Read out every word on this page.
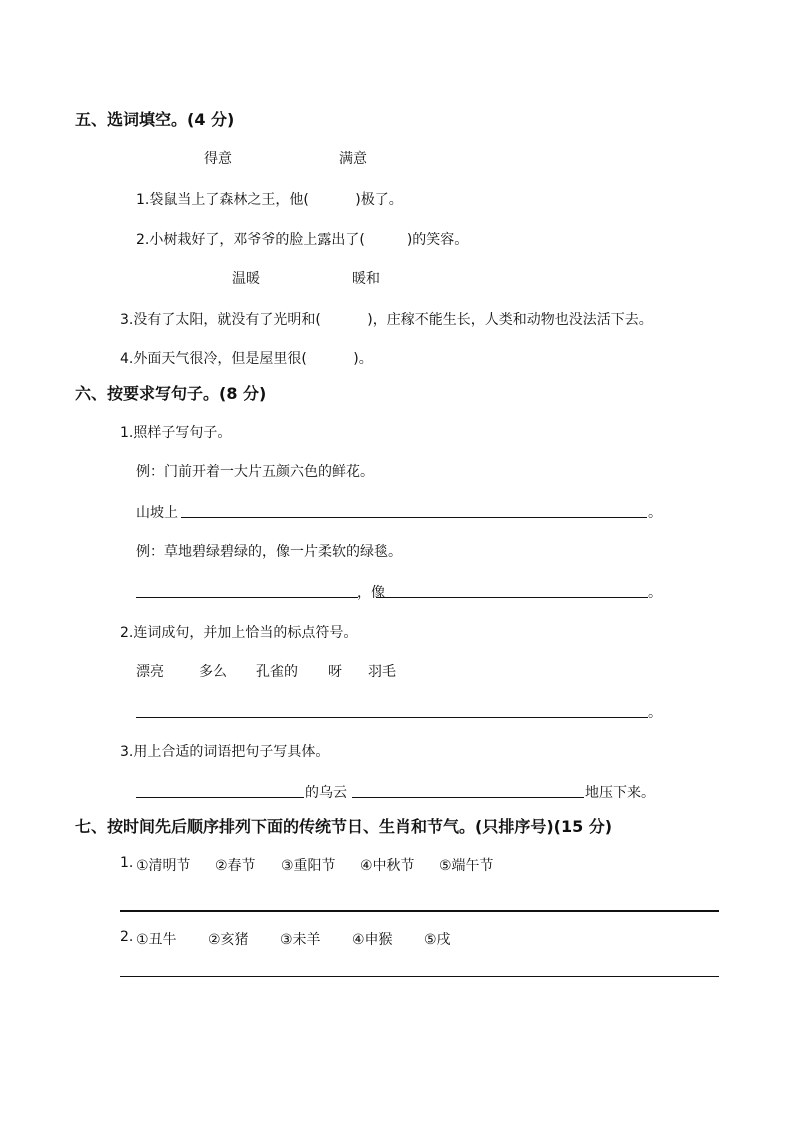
五、选词填空。(4 分)
得意	满意
1.袋鼠当上了森林之王，他(　　　 )极了。
2.小树栽好了，邓爷爷的脸上露出了(　　　)的笑容。
温暖	暖和
3.没有了太阳，就没有了光明和(　　　 )，庄稼不能生长，人类和动物也没法活下去。
4.外面天气很冷，但是屋里很(　　　 )。
六、按要求写句子。(8 分)
1.照样子写句子。
例：门前开着一大片五颜六色的鲜花。
山坡上	。
例：草地碧绿碧绿的，像一片柔软的绿毯。
，像	。
2.连词成句，并加上恰当的标点符号。
漂亮	多么 孔雀的 呀 羽毛
。
3.用上合适的词语把句子写具体。
的乌云	地压下来。
七、按时间先后顺序排列下面的传统节日、生肖和节气。(只排序号)(15 分)
1. ①清明节 ②春节 ③重阳节 ④中秋节 ⑤端午节
2. ①丑牛 ②亥猪 ③未羊 ④申猴 ⑤戌
